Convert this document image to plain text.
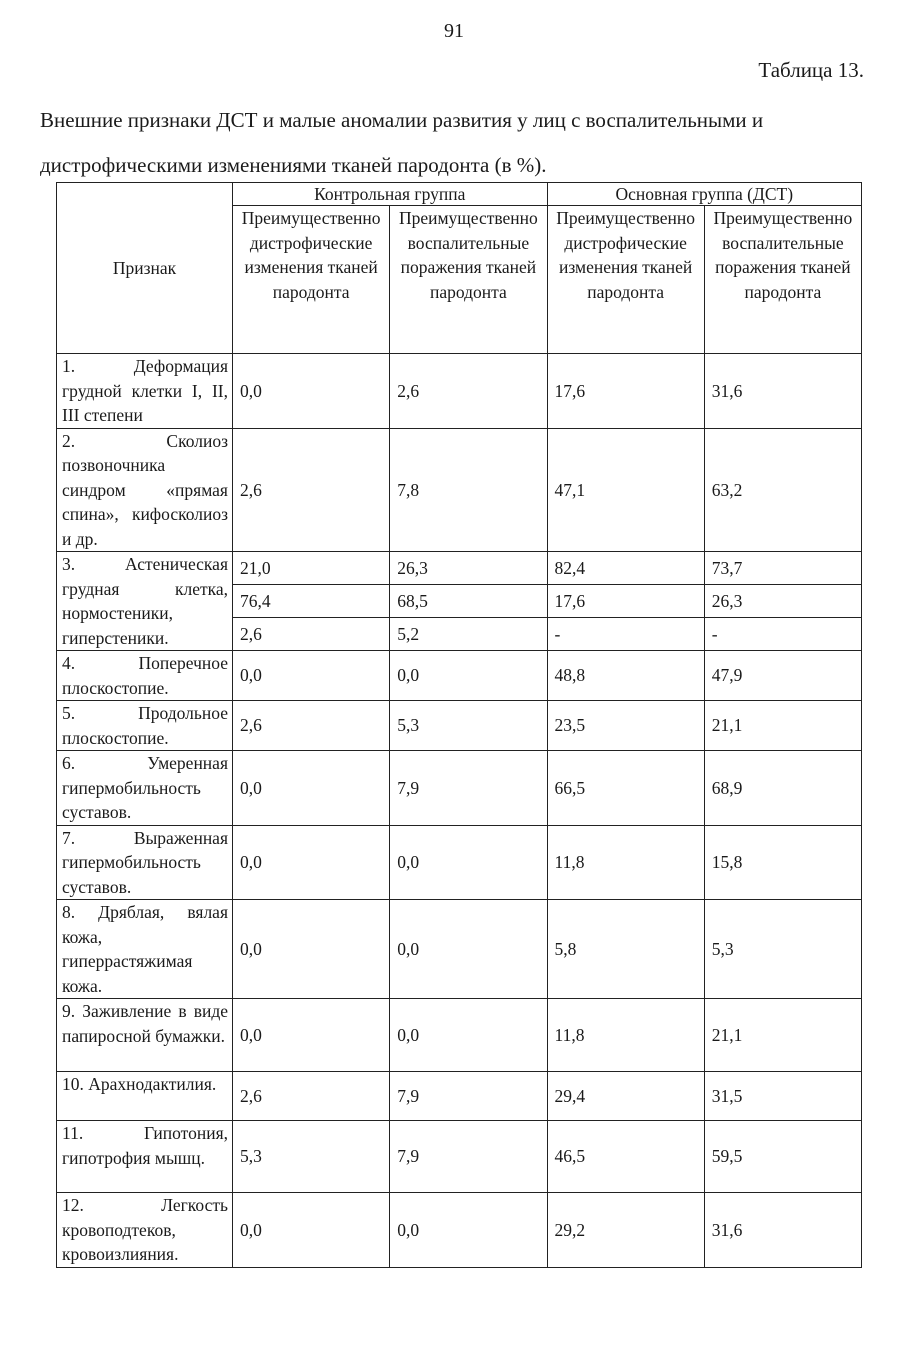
91
Таблица 13.
Внешние признаки ДСТ и малые аномалии развития у лиц с воспалительными и дистрофическими изменениями тканей пародонта (в %).
Признак	Контрольная группа		Основная группа (ДСТ)	
	Преимущественно дистрофические изменения тканей пародонта	Преимущественно воспалительные поражения тканей пародонта	Преимущественно дистрофические изменения тканей пародонта	Преимущественно воспалительные поражения тканей пародонта
1. Деформация грудной клетки I, II, III степени	0,0	2,6	17,6	31,6
2. Сколиоз позвоночника синдром «прямая спина», кифосколиоз и др.	2,6	7,8	47,1	63,2
3. Астеническая грудная клетка, нормостеники, гиперстеники.	21,0	26,3	82,4	73,7
	76,4	68,5	17,6	26,3
	2,6	5,2	-	-
4. Поперечное плоскостопие.	0,0	0,0	48,8	47,9
5. Продольное плоскостопие.	2,6	5,3	23,5	21,1
6. Умеренная гипермобильность суставов.	0,0	7,9	66,5	68,9
7. Выраженная гипермобильность суставов.	0,0	0,0	11,8	15,8
8. Дряблая, вялая кожа, гиперрастяжимая кожа.	0,0	0,0	5,8	5,3
9. Заживление в виде папиросной бумажки.	0,0	0,0	11,8	21,1
10. Арахнодактилия.	2,6	7,9	29,4	31,5
11. Гипотония, гипотрофия мышц.	5,3	7,9	46,5	59,5
12. Легкость кровоподтеков, кровоизлияния.	0,0	0,0	29,2	31,6
